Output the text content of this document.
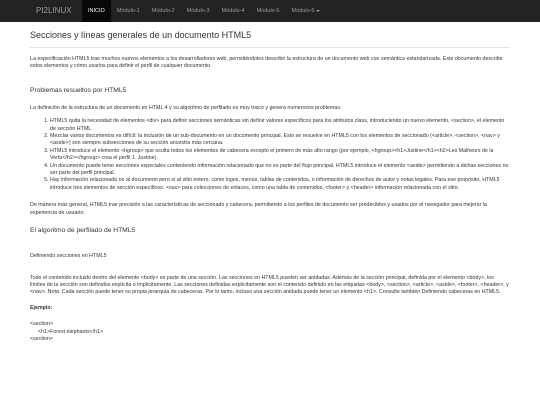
PI2LINUX	INICIO	Módulo-1	Módulo-2	Módulo-3	Módulo-4	Módulo-5	Módulo-6
Secciones y líneas generales de un documento HTML5

La especificación HTML5 trae muchos nuevos elementos a los desarrolladores web, permitiéndoles describir la estructura de un documento web con semántica estandarizada. Este documento describe estos elementos y cómo usarlos para definir el perfil de cualquier documento.

Problemas resueltos por HTML5

La definición de la estructura de un documento en HTML 4 y su algoritmo de perfilado es muy tosco y genera numerosos problemas:

1. HTML5 quita la necesidad de elementos <div> para definir secciones semánticas sin definir valores específicos para los atributos class, introduciendo un nuevo elemento, <section>, el elemento de sección HTML.
2. Mezclar varios documentos es difícil: la inclusión de un sub-documento en un documento principal. Esto se resuelve en HTML5 con los elementos de seccionado (<article>, <section>, <nav> y <aside>) son siempre subsecciones de su sección ancestra más cercana.
3. HTML5 introduce el elemento <hgroup> que oculta todos los elementos de cabecera excepto el primero de más alto rango (por ejemplo, <hgroup><h1>Justine</h1><h2>Les Malheurs de la Vertu</h2></hgroup> crea el perfil 1. Justine).
4. Un documento puede tener secciones especiales conteniendo información relacionado que no es parte del flujo principal. HTML5 introduce el elemento <aside> permitiendo a dichas secciones no ser parte del perfil principal.
5. Hay información relacionada no al documento pero sí al sitio entero, como logos, menús, tablas de contenidos, o información de derechos de autor y notas legales. Para ese propósito, HTML5 introduce tres elementos de sección específicos: <nav> para colecciones de enlaces, como una tabla de contenidos, <footer> y <header> información relacionada con el sitio.

De manera más general, HTML5 trae precisión a las características de seccionado y cabecera, permitiendo a los perfiles de documento ser predecibles y usados por el navegador para mejorar la experiencia de usuario.

El algoritmo de perfilado de HTML5

Definiendo secciones en HTML5

Todo el contenido incluido dentro del elemento <body> es parte de una sección. Las secciones en HTML5 pueden ser anidadas. Además de la sección principal, definida por el elemento <body>, los límites de la sección son definidos explícita o implícitamente. Las secciones definidas explícitamente son el contenido definido en las etiquetas <body>, <section>, <article>, <aside>, <footer>, <header>, y <nav>. Nota: Cada sección puede tener su propia jerarquía de cabeceras. Por lo tanto, incluso una sección anidada puede tener un elemento <h1>. Consulte también Definiendo cabeceras en HTML5.

Ejemplo:

<section>

<h1>Forest elephants</h1>

<section>
